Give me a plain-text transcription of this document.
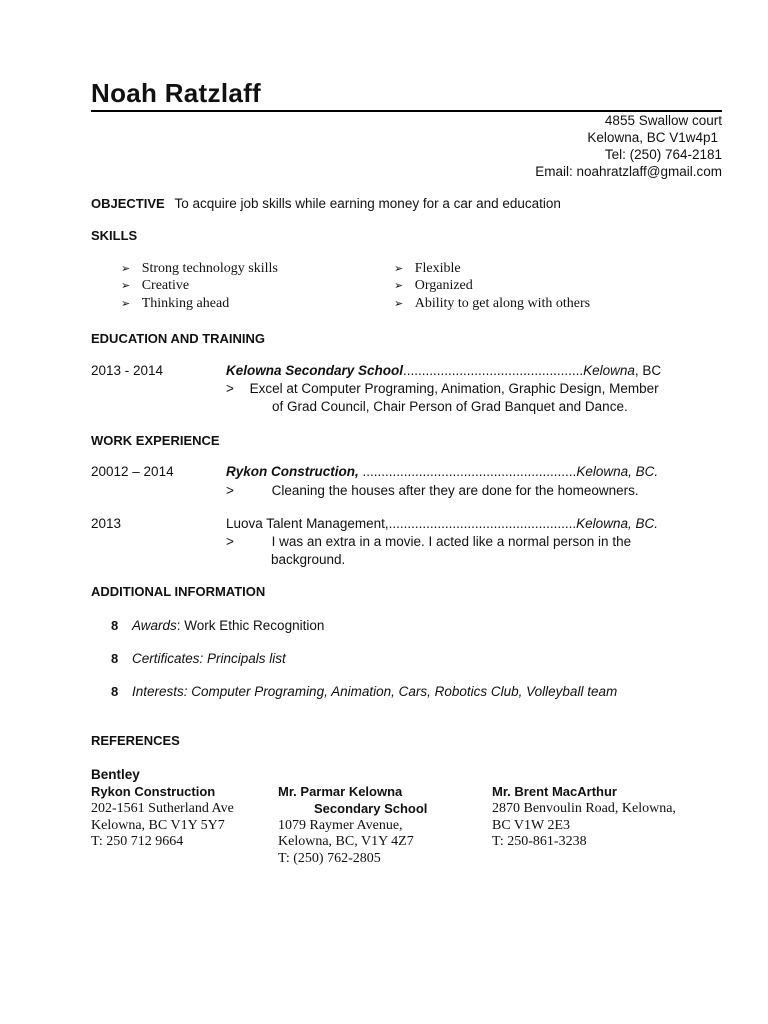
Noah Ratzlaff
4855 Swallow court
Kelowna, BC V1w4p1
Tel: (250) 764-2181
Email: noahratzlaff@gmail.com
OBJECTIVE To acquire job skills while earning money for a car and education
SKILLS
➢ Strong technology skills
➢ Creative
➢ Thinking ahead
➢ Flexible
➢ Organized
➢ Ability to get along with others
EDUCATION AND TRAINING
2013 - 2014	Kelowna Secondary School................................................Kelowna, BC
> Excel at Computer Programing, Animation, Graphic Design, Member
of Grad Council, Chair Person of Grad Banquet and Dance.
WORK EXPERIENCE
20012 – 2014	Rykon Construction, .........................................................Kelowna, BC.
>	Cleaning the houses after they are done for the homeowners.
2013	Luova Talent Management,..................................................Kelowna, BC.
>	I was an extra in a movie. I acted like a normal person in the
background.
ADDITIONAL INFORMATION
8 Awards: Work Ethic Recognition
8 Certificates: Principals list
8 Interests: Computer Programing, Animation, Cars, Robotics Club, Volleyball team
REFERENCES
Bentley
Rykon Construction
202-1561 Sutherland Ave
Kelowna, BC V1Y 5Y7
T: 250 712 9664
Mr. Parmar Kelowna
Secondary School
1079 Raymer Avenue,
Kelowna, BC, V1Y 4Z7
T: (250) 762-2805
Mr. Brent MacArthur
2870 Benvoulin Road, Kelowna,
BC V1W 2E3
T: 250-861-3238
